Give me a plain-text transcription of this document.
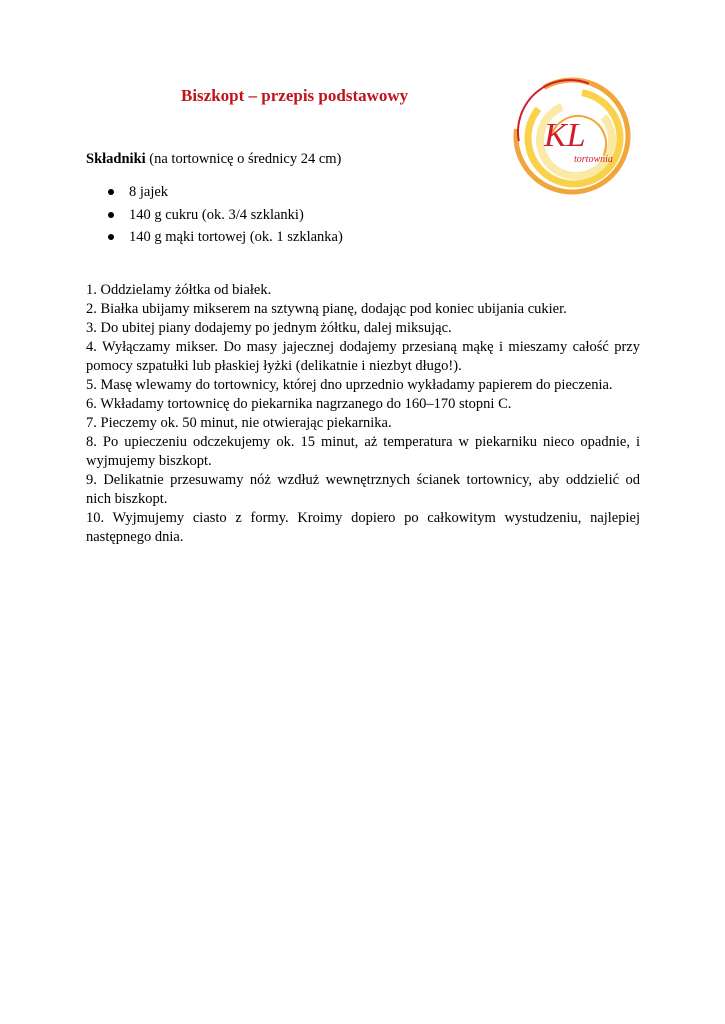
Biszkopt – przepis podstawowy
KL
tortownia
Składniki (na tortownicę o średnicy 24 cm)
8 jajek
140 g cukru (ok. 3/4 szklanki)
140 g mąki tortowej (ok. 1 szklanka)

1. Oddzielamy żółtka od białek.

2. Białka ubijamy mikserem na sztywną pianę, dodając pod koniec ubijania cukier.

3. Do ubitej piany dodajemy po jednym żółtku, dalej miksując.

4. Wyłączamy mikser. Do masy jajecznej dodajemy przesianą mąkę i mieszamy całość przy pomocy szpatułki lub płaskiej łyżki (delikatnie i niezbyt długo!).

5. Masę wlewamy do tortownicy, której dno uprzednio wykładamy papierem do pieczenia.

6. Wkładamy tortownicę do piekarnika nagrzanego do 160–170 stopni C.

7. Pieczemy ok. 50 minut, nie otwierając piekarnika.

8. Po upieczeniu odczekujemy ok. 15 minut, aż temperatura w piekarniku nieco opadnie, i wyjmujemy biszkopt.

9. Delikatnie przesuwamy nóż wzdłuż wewnętrznych ścianek tortownicy, aby oddzielić od nich biszkopt.

10. Wyjmujemy ciasto z formy. Kroimy dopiero po całkowitym wystudzeniu, najlepiej następnego dnia.
